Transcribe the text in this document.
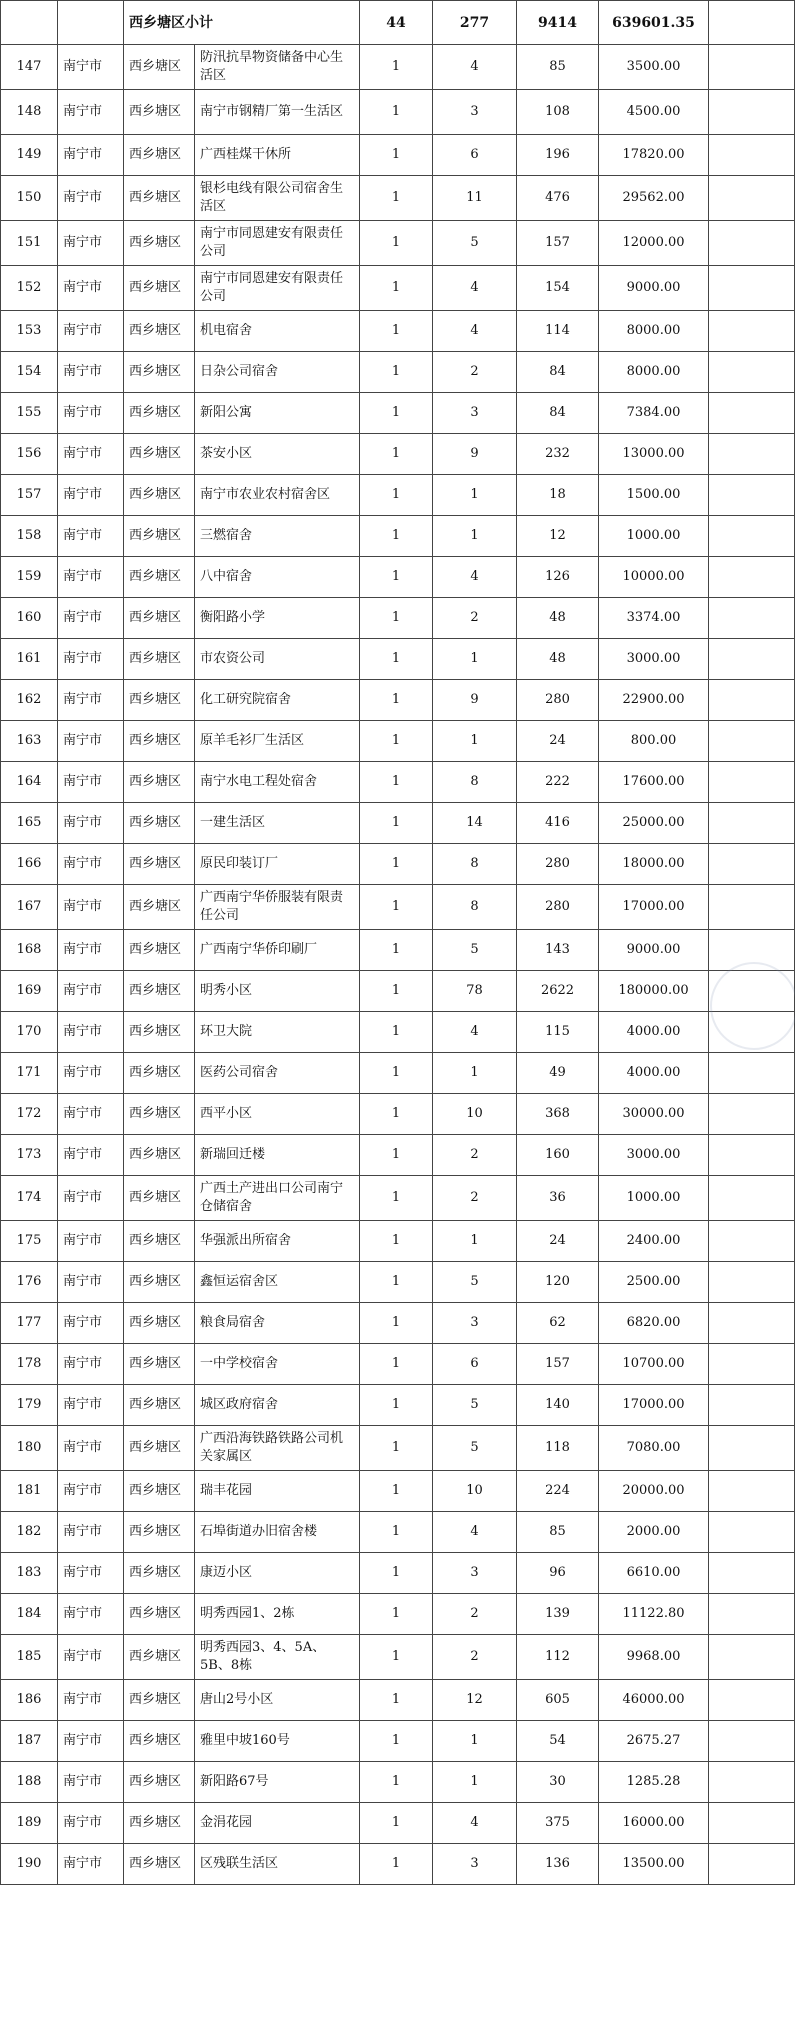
		西乡塘区小计		44	277	9414	639601.35	
147	南宁市	西乡塘区	防汛抗旱物资储备中心生活区	1	4	85	3500.00	
148	南宁市	西乡塘区	南宁市钢精厂第一生活区	1	3	108	4500.00	
149	南宁市	西乡塘区	广西桂煤干休所	1	6	196	17820.00	
150	南宁市	西乡塘区	银杉电线有限公司宿舍生活区	1	11	476	29562.00	
151	南宁市	西乡塘区	南宁市同恩建安有限责任公司	1	5	157	12000.00	
152	南宁市	西乡塘区	南宁市同恩建安有限责任公司	1	4	154	9000.00	
153	南宁市	西乡塘区	机电宿舍	1	4	114	8000.00	
154	南宁市	西乡塘区	日杂公司宿舍	1	2	84	8000.00	
155	南宁市	西乡塘区	新阳公寓	1	3	84	7384.00	
156	南宁市	西乡塘区	茶安小区	1	9	232	13000.00	
157	南宁市	西乡塘区	南宁市农业农村宿舍区	1	1	18	1500.00	
158	南宁市	西乡塘区	三燃宿舍	1	1	12	1000.00	
159	南宁市	西乡塘区	八中宿舍	1	4	126	10000.00	
160	南宁市	西乡塘区	衡阳路小学	1	2	48	3374.00	
161	南宁市	西乡塘区	市农资公司	1	1	48	3000.00	
162	南宁市	西乡塘区	化工研究院宿舍	1	9	280	22900.00	
163	南宁市	西乡塘区	原羊毛衫厂生活区	1	1	24	800.00	
164	南宁市	西乡塘区	南宁水电工程处宿舍	1	8	222	17600.00	
165	南宁市	西乡塘区	一建生活区	1	14	416	25000.00	
166	南宁市	西乡塘区	原民印装订厂	1	8	280	18000.00	
167	南宁市	西乡塘区	广西南宁华侨服装有限责任公司	1	8	280	17000.00	
168	南宁市	西乡塘区	广西南宁华侨印刷厂	1	5	143	9000.00	
169	南宁市	西乡塘区	明秀小区	1	78	2622	180000.00	
170	南宁市	西乡塘区	环卫大院	1	4	115	4000.00	
171	南宁市	西乡塘区	医药公司宿舍	1	1	49	4000.00	
172	南宁市	西乡塘区	西平小区	1	10	368	30000.00	
173	南宁市	西乡塘区	新瑞回迁楼	1	2	160	3000.00	
174	南宁市	西乡塘区	广西土产进出口公司南宁仓储宿舍	1	2	36	1000.00	
175	南宁市	西乡塘区	华强派出所宿舍	1	1	24	2400.00	
176	南宁市	西乡塘区	鑫恒运宿舍区	1	5	120	2500.00	
177	南宁市	西乡塘区	粮食局宿舍	1	3	62	6820.00	
178	南宁市	西乡塘区	一中学校宿舍	1	6	157	10700.00	
179	南宁市	西乡塘区	城区政府宿舍	1	5	140	17000.00	
180	南宁市	西乡塘区	广西沿海铁路铁路公司机关家属区	1	5	118	7080.00	
181	南宁市	西乡塘区	瑞丰花园	1	10	224	20000.00	
182	南宁市	西乡塘区	石埠街道办旧宿舍楼	1	4	85	2000.00	
183	南宁市	西乡塘区	康迈小区	1	3	96	6610.00	
184	南宁市	西乡塘区	明秀西园1、2栋	1	2	139	11122.80	
185	南宁市	西乡塘区	明秀西园3、4、5A、5B、8栋	1	2	112	9968.00	
186	南宁市	西乡塘区	唐山2号小区	1	12	605	46000.00	
187	南宁市	西乡塘区	雅里中坡160号	1	1	54	2675.27	
188	南宁市	西乡塘区	新阳路67号	1	1	30	1285.28	
189	南宁市	西乡塘区	金涓花园	1	4	375	16000.00	
190	南宁市	西乡塘区	区残联生活区	1	3	136	13500.00	
